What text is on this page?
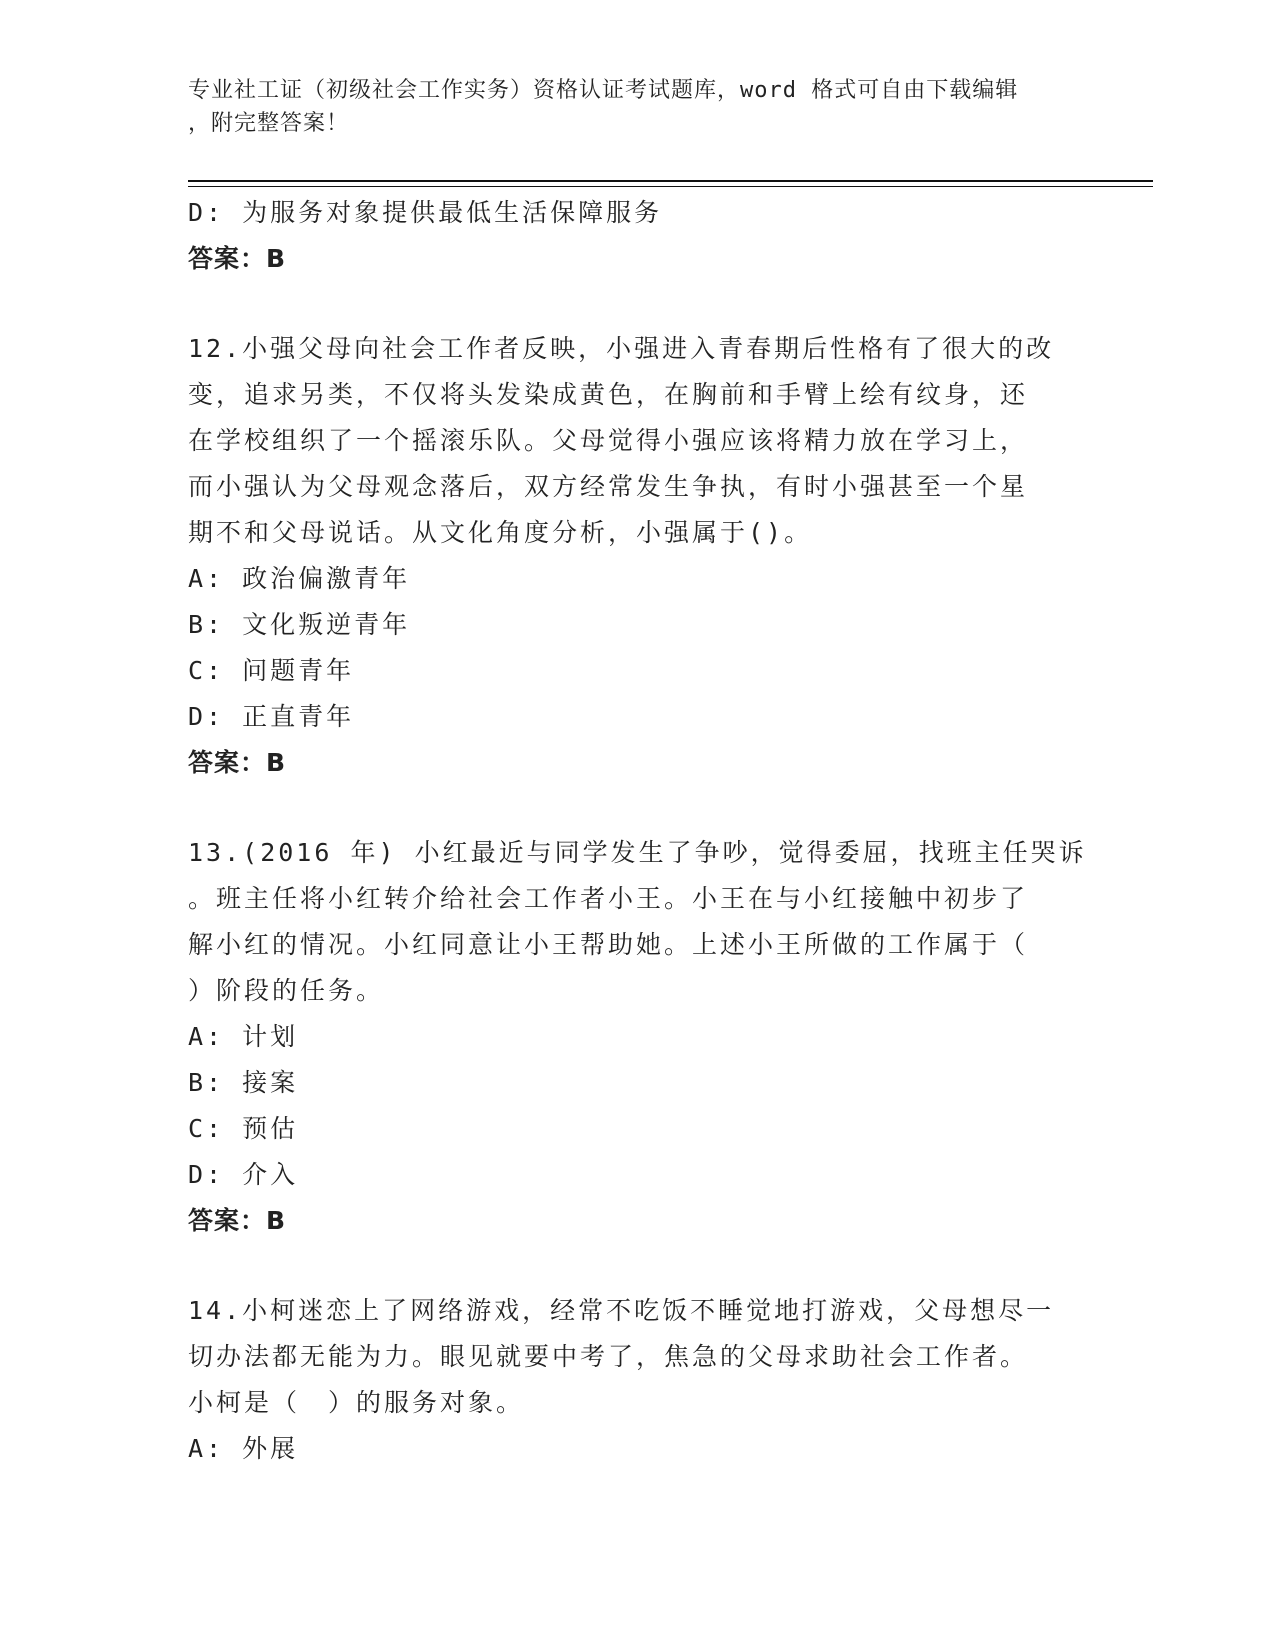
专业社工证（初级社会工作实务）资格认证考试题库，word 格式可自由下载编辑
，附完整答案！
D: 为服务对象提供最低生活保障服务
答案：B
12.小强父母向社会工作者反映，小强进入青春期后性格有了很大的改
变，追求另类，不仅将头发染成黄色，在胸前和手臂上绘有纹身，还
在学校组织了一个摇滚乐队。父母觉得小强应该将精力放在学习上，
而小强认为父母观念落后，双方经常发生争执，有时小强甚至一个星
期不和父母说话。从文化角度分析，小强属于()。
A: 政治偏激青年
B: 文化叛逆青年
C: 问题青年
D: 正直青年
答案：B
13.(2016 年) 小红最近与同学发生了争吵，觉得委屈，找班主任哭诉
。班主任将小红转介给社会工作者小王。小王在与小红接触中初步了
解小红的情况。小红同意让小王帮助她。上述小王所做的工作属于（
）阶段的任务。
A: 计划
B: 接案
C: 预估
D: 介入
答案：B
14.小柯迷恋上了网络游戏，经常不吃饭不睡觉地打游戏，父母想尽一
切办法都无能为力。眼见就要中考了，焦急的父母求助社会工作者。
小柯是（　）的服务对象。
A: 外展
